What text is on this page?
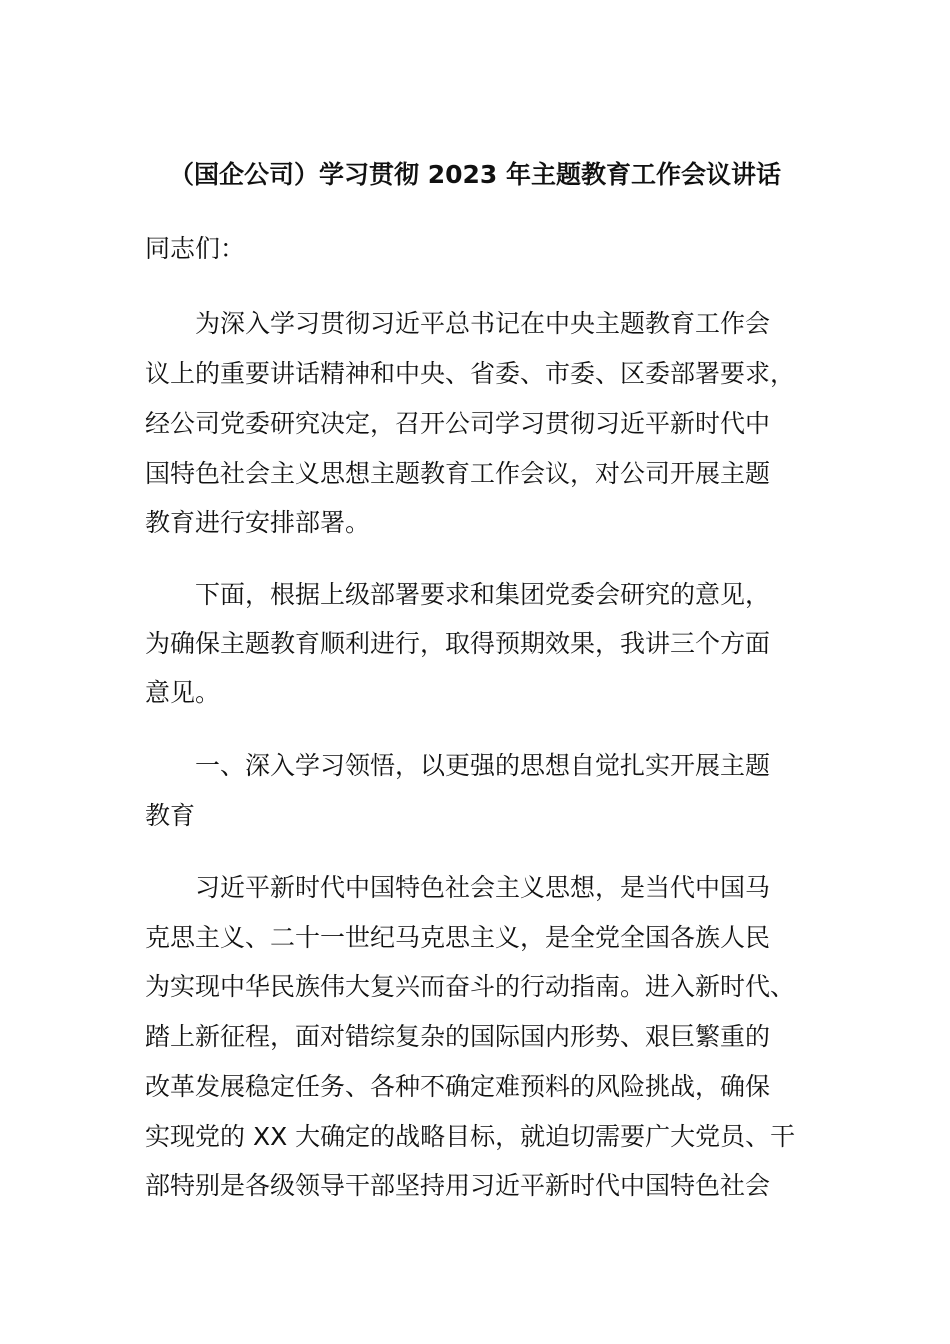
（国企公司）学习贯彻 2023 年主题教育工作会议讲话
同志们：
为深入学习贯彻习近平总书记在中央主题教育工作会
议上的重要讲话精神和中央、省委、市委、区委部署要求，
经公司党委研究决定，召开公司学习贯彻习近平新时代中
国特色社会主义思想主题教育工作会议，对公司开展主题
教育进行安排部署。
下面，根据上级部署要求和集团党委会研究的意见，
为确保主题教育顺利进行，取得预期效果，我讲三个方面
意见。
一、深入学习领悟，以更强的思想自觉扎实开展主题
教育
习近平新时代中国特色社会主义思想，是当代中国马
克思主义、二十一世纪马克思主义，是全党全国各族人民
为实现中华民族伟大复兴而奋斗的行动指南。进入新时代、
踏上新征程，面对错综复杂的国际国内形势、艰巨繁重的
改革发展稳定任务、各种不确定难预料的风险挑战，确保
实现党的 XX 大确定的战略目标，就迫切需要广大党员、干
部特别是各级领导干部坚持用习近平新时代中国特色社会
